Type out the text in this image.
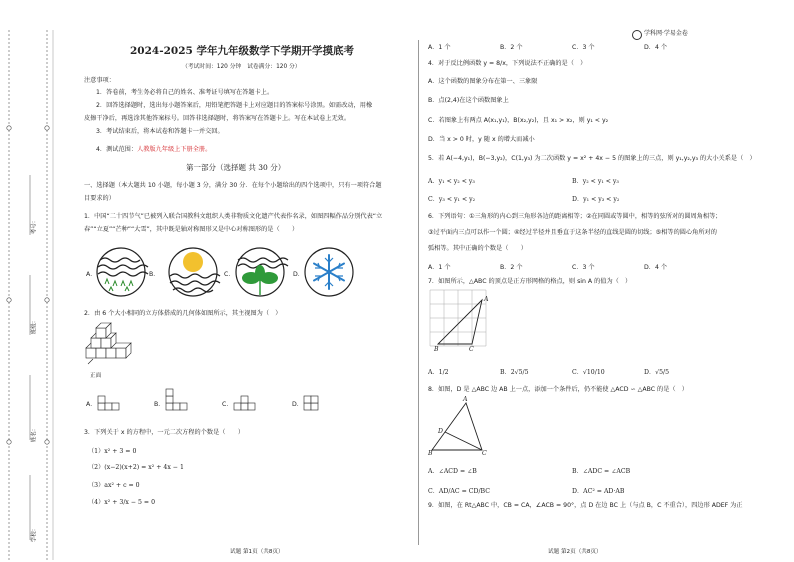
考号：
班级：
姓名：
学校：
学科网·学易金卷
2024-2025 学年九年级数学下学期开学摸底考
（考试时间：120 分钟　试卷满分：120 分）
注意事项：
1．答卷前，考生务必将自己的姓名、准考证号填写在答题卡上。
2．回答选择题时，选出每小题答案后，用铅笔把答题卡上对应题目的答案标号涂黑。如需改动，用橡
皮擦干净后，再选涂其他答案标号。回答非选择题时，将答案写在答题卡上。写在本试卷上无效。
3．考试结束后，将本试卷和答题卡一并交回。
4．测试范围：人教版九年级上下册全册。
第一部分（选择题 共 30 分）
一、选择题（本大题共 10 小题，每小题 3 分，满分 30 分．在每个小题给出的四个选项中，只有一项符合题
目要求的）
1．中国“二十四节气”已被列入联合国教科文组织人类非物质文化遗产代表作名录，如图四幅作品分别代表“立
春”“立夏”“芒种”“大雪”，其中既是轴对称图形又是中心对称图形的是（　　）
A．	B．	C．	D．
2．由 6 个大小相同的立方体搭成的几何体如图所示，其主视图为（　）
正面
A．	B．	C．	D．
3．下列关于 x 的方程中，一元二次方程的个数是（　　）
（1）x² + 3 = 0
（2）(x−2)(x+2) = x² + 4x − 1
（3）ax² + c = 0
（4）x² + 3/x − 5 = 0
试题 第1页（共8页）
A．1 个	B．2 个	C．3 个	D．4 个
4．对于反比例函数 y = 8/x，下列说法不正确的是（　）
A．这个函数的图象分布在第一、三象限
B．点(2,4)在这个函数图象上
C．若图象上有两点 A(x₁,y₁)，B(x₂,y₂)，且 x₁ > x₂，则 y₁ < y₂
D．当 x > 0 时，y 随 x 的增大而减小
5．若 A(−4,y₁)，B(−3,y₂)，C(1,y₃) 为二次函数 y = x² + 4x − 5 的图象上的三点，则 y₁,y₂,y₃ 的大小关系是（　）
A．y₁ < y₂ < y₃	B．y₂ < y₁ < y₃
C．y₃ < y₁ < y₂	D．y₁ < y₃ < y₂
6．下列语句：①三角形的内心到三角形各边的距离相等；②在同圆或等圆中，相等的弦所对的圆周角相等；
③过平面内三点可以作一个圆；④经过半径并且垂直于这条半径的直线是圆的切线；⑤相等的圆心角所对的
弧相等。其中正确的个数是（　　）
A．1 个	B．2 个	C．3 个	D．4 个
7．如图所示，△ABC 的顶点是正方形网格的格点，则 sin A 的值为（　）
A
B	C
A．1/2	B．2√5/5	C．√10/10	D．√5/5
8．如图，D 是 △ABC 边 AB 上一点，添加一个条件后，仍不能使 △ACD ∽ △ABC 的是（　）
A
D
B	C
A．∠ACD = ∠B	B．∠ADC = ∠ACB
C．AD/AC = CD/BC	D．AC² = AD·AB
9．如图，在 Rt△ABC 中，CB = CA，∠ACB = 90°，点 D 在边 BC 上（与点 B，C 不重合），四边形 ADEF 为正
试题 第2页（共8页）
